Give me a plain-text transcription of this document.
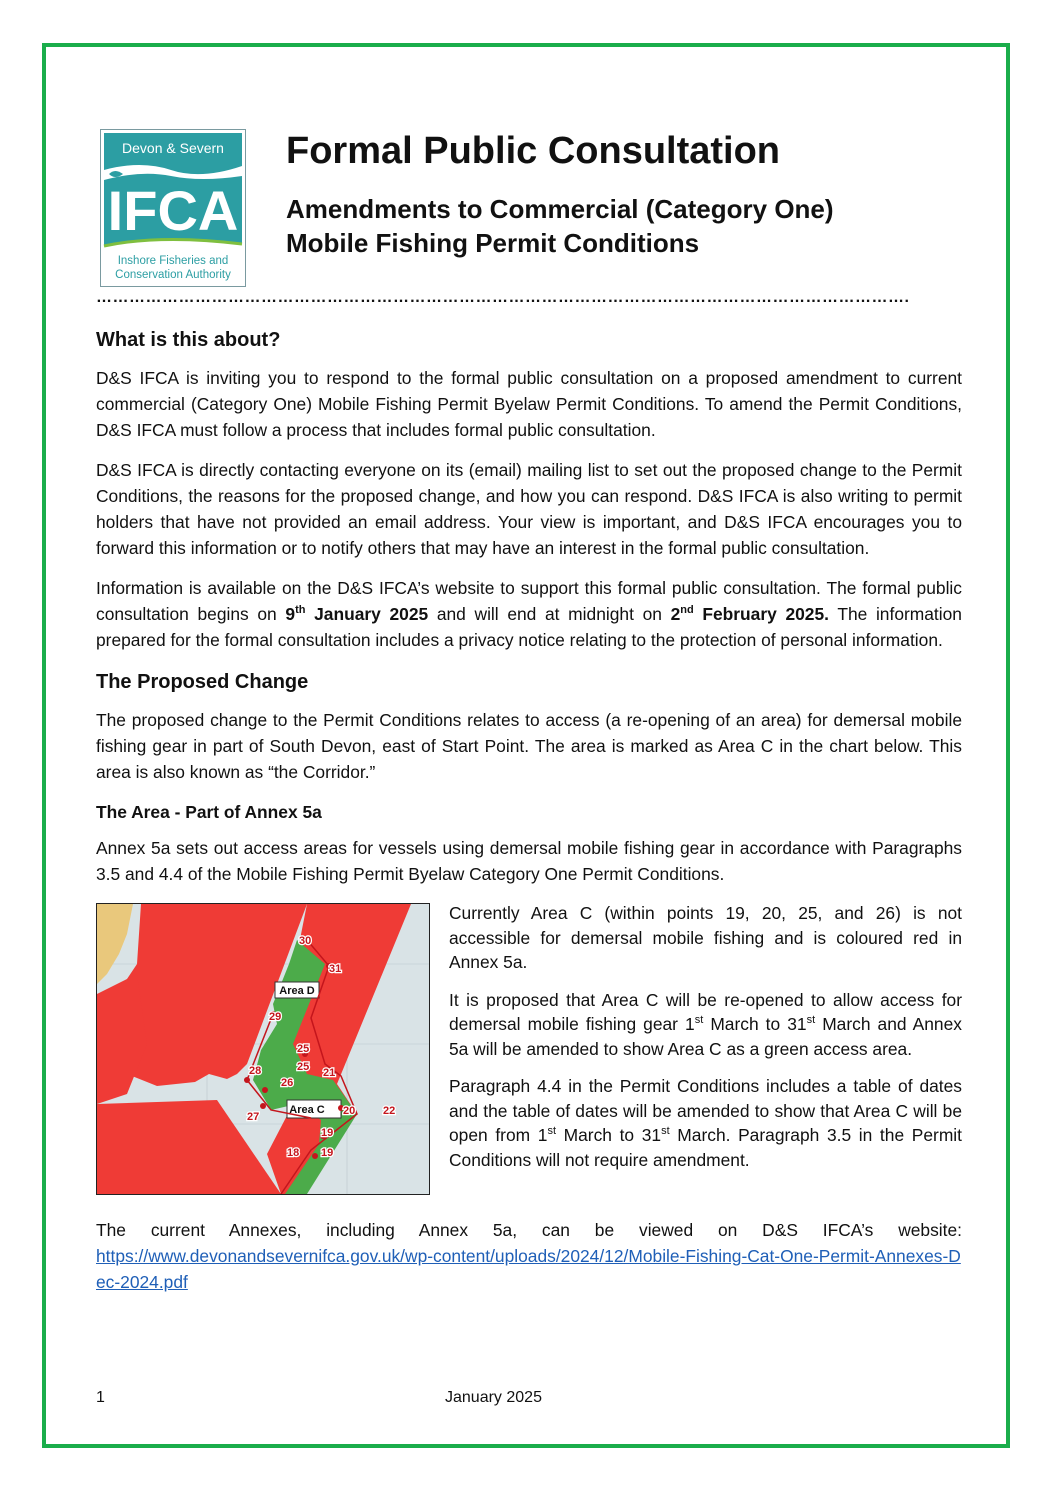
Devon & Severn
IFCA
Inshore Fisheries and
Conservation Authority
Formal Public Consultation
Amendments to Commercial (Category One)
Mobile Fishing Permit Conditions
………………………………………………………………………………………………………………………………….
What is this about?

D&S IFCA is inviting you to respond to the formal public consultation on a proposed amendment to current commercial (Category One) Mobile Fishing Permit Byelaw Permit Conditions. To amend the Permit Conditions, D&S IFCA must follow a process that includes formal public consultation.

D&S IFCA is directly contacting everyone on its (email) mailing list to set out the proposed change to the Permit Conditions, the reasons for the proposed change, and how you can respond. D&S IFCA is also writing to permit holders that have not provided an email address. Your view is important, and D&S IFCA encourages you to forward this information or to notify others that may have an interest in the formal public consultation.

Information is available on the D&S IFCA’s website to support this formal public consultation. The formal public consultation begins on 9th January 2025 and will end at midnight on 2nd February 2025. The information prepared for the formal consultation includes a privacy notice relating to the protection of personal information.

The Proposed Change

The proposed change to the Permit Conditions relates to access (a re-opening of an area) for demersal mobile fishing gear in part of South Devon, east of Start Point. The area is marked as Area C in the chart below. This area is also known as “the Corridor.”

The Area - Part of Annex 5a

Annex 5a sets out access areas for vessels using demersal mobile fishing gear in accordance with Paragraphs 3.5 and 4.4 of the Mobile Fishing Permit Byelaw Category One Permit Conditions.

30
31
29
25
25 21
28
26
27	20	22
19
18 19
Area D
Area C

Currently Area C (within points 19, 20, 25, and 26) is not accessible for demersal mobile fishing and is coloured red in Annex 5a.

It is proposed that Area C will be re-opened to allow access for demersal mobile fishing gear 1st March to 31st March and Annex 5a will be amended to show Area C as a green access area.

Paragraph 4.4 in the Permit Conditions includes a table of dates and the table of dates will be amended to show that Area C will be open from 1st March to 31st March. Paragraph 3.5 in the Permit Conditions will not require amendment.

The current Annexes, including Annex 5a, can be viewed on D&S IFCA’s website:

https://www.devonandsevernifca.gov.uk/wp-content/uploads/2024/12/Mobile-Fishing-Cat-One-Permit-Annexes-Dec-2024.pdf

1	January 2025
